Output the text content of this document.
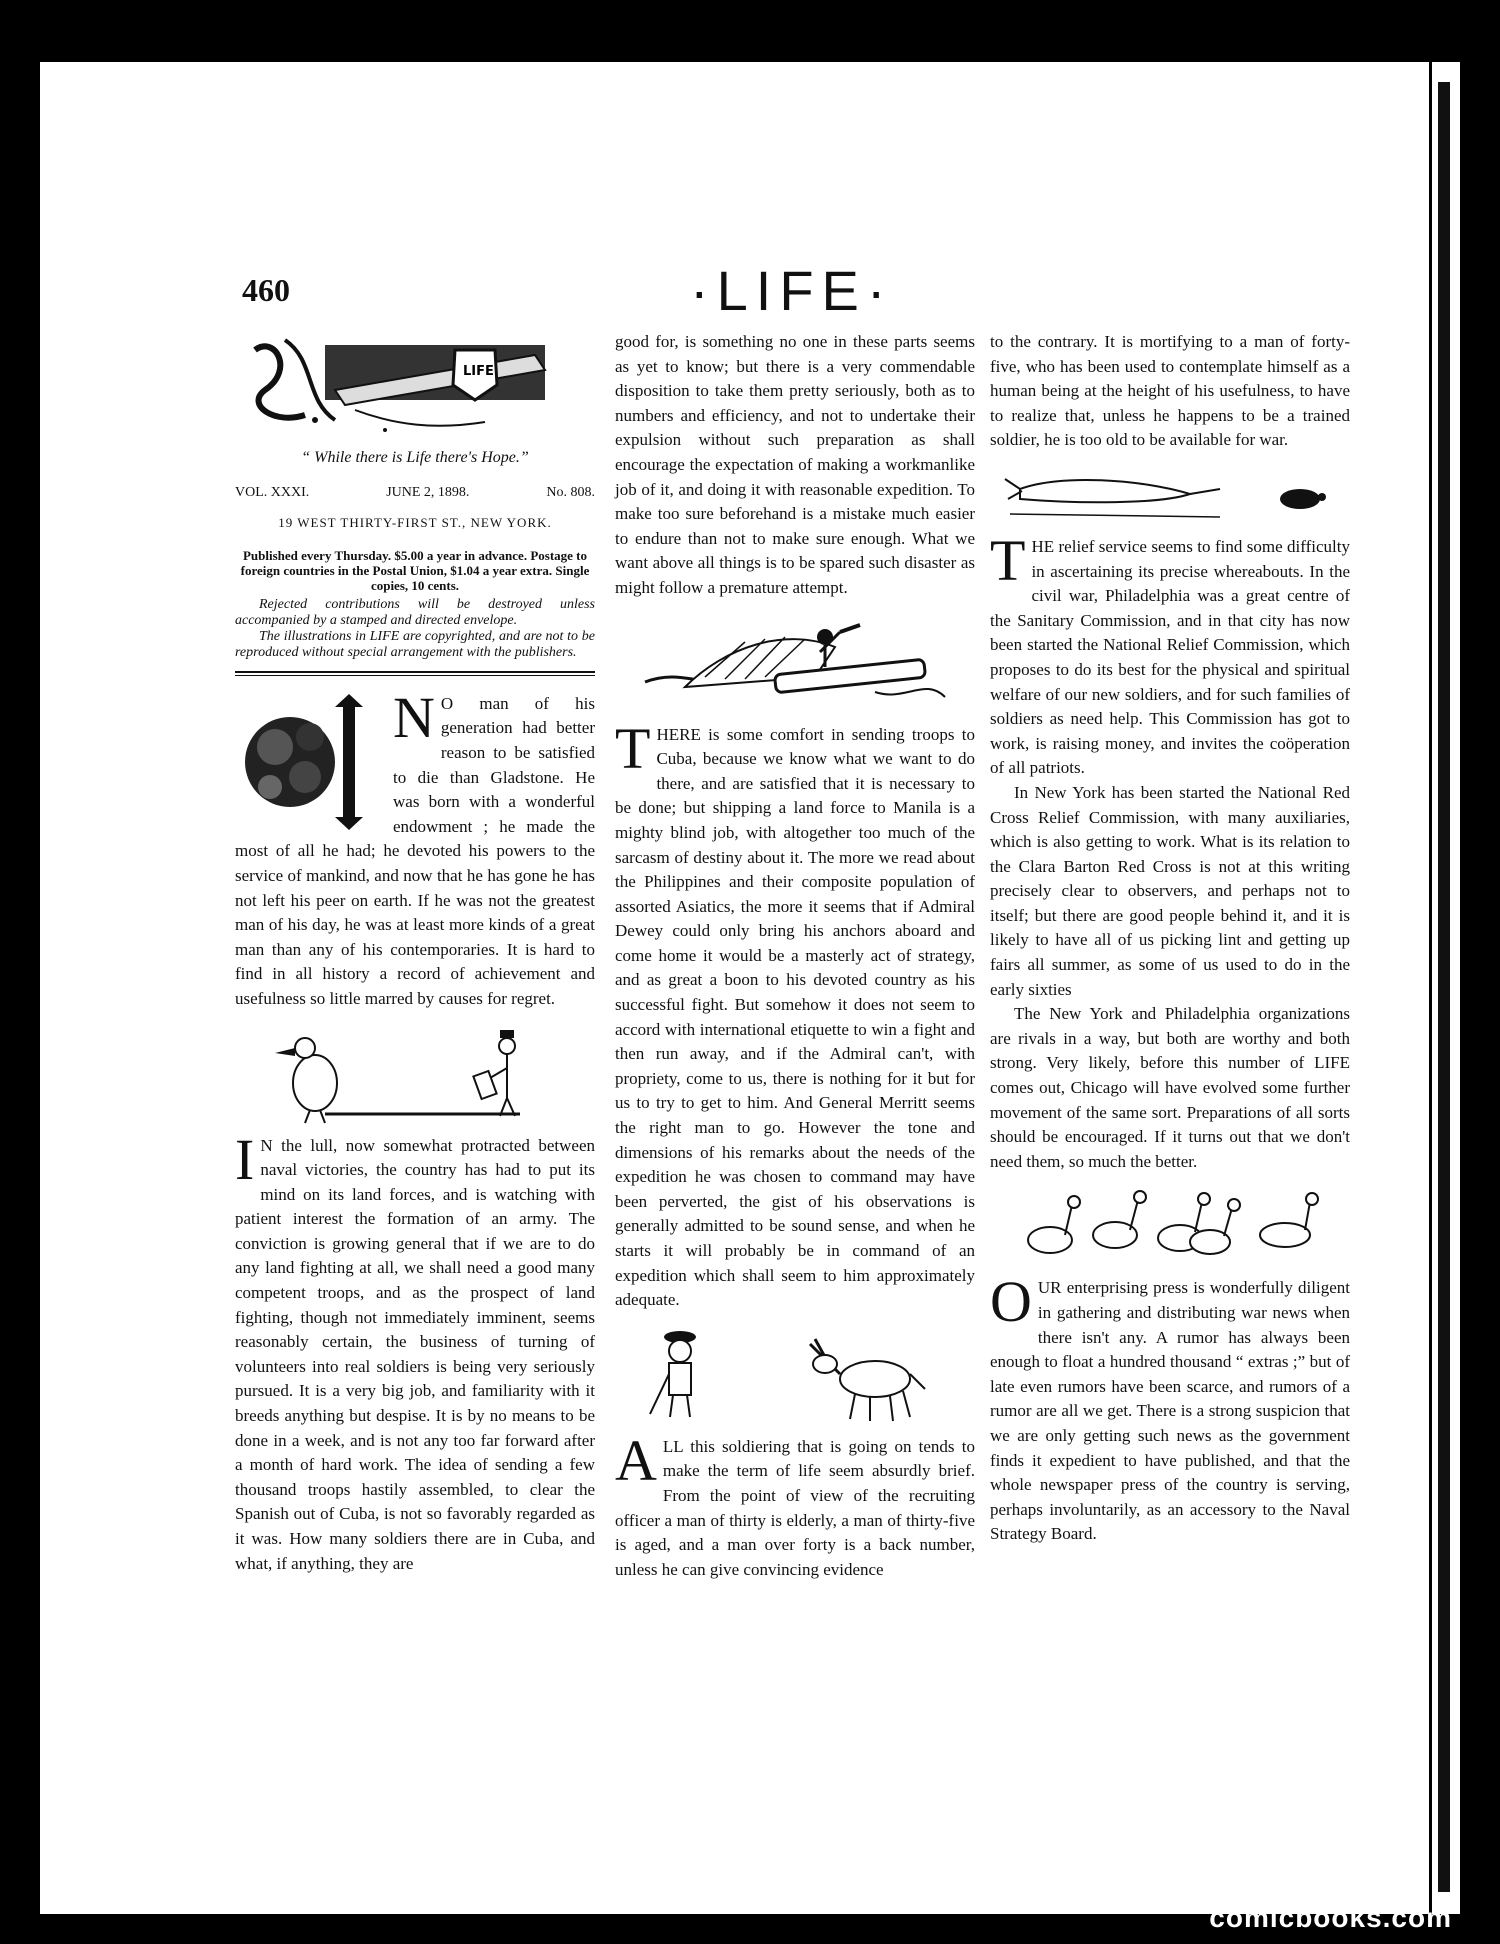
460	·LIFE·
LIFE
“ While there is Life there's Hope.”
VOL. XXXI.	JUNE 2, 1898.	No. 808.
19 WEST THIRTY-FIRST ST., NEW YORK.
Published every Thursday. $5.00 a year in advance. Postage to foreign countries in the Postal Union, $1.04 a year extra. Single copies, 10 cents.

Rejected contributions will be destroyed unless accompanied by a stamped and directed envelope.

The illustrations in LIFE are copyrighted, and are not to be reproduced without special arrangement with the publishers.

N O man of his generation had better reason to be satisfied to die than Gladstone. He was born with a wonderful endowment ; he made the most of all he had; he devoted his powers to the service of mankind, and now that he has gone he has not left his peer on earth. If he was not the greatest man of his day, he was at least more kinds of a great man than any of his contemporaries. It is hard to find in all history a record of achievement and usefulness so little marred by causes for regret.

I N the lull, now somewhat protracted between naval victories, the country has had to put its mind on its land forces, and is watching with patient interest the formation of an army. The conviction is growing general that if we are to do any land fighting at all, we shall need a good many competent troops, and as the prospect of land fighting, though not immediately imminent, seems reasonably certain, the business of turning of volunteers into real soldiers is being very seriously pursued. It is a very big job, and familiarity with it breeds anything but despise. It is by no means to be done in a week, and is not any too far forward after a month of hard work. The idea of sending a few thousand troops hastily assembled, to clear the Spanish out of Cuba, is not so favorably regarded as it was. How many soldiers there are in Cuba, and what, if anything, they are

good for, is something no one in these parts seems as yet to know; but there is a very commendable disposition to take them pretty seriously, both as to numbers and efficiency, and not to undertake their expulsion without such preparation as shall encourage the expectation of making a workmanlike job of it, and doing it with reasonable expedition. To make too sure beforehand is a mistake much easier to endure than not to make sure enough. What we want above all things is to be spared such disaster as might follow a premature attempt.

THERE is some comfort in sending troops to Cuba, because we know what we want to do there, and are satisfied that it is necessary to be done; but shipping a land force to Manila is a mighty blind job, with altogether too much of the sarcasm of destiny about it. The more we read about the Philippines and their composite population of assorted Asiatics, the more it seems that if Admiral Dewey could only bring his anchors aboard and come home it would be a masterly act of strategy, and as great a boon to his devoted country as his successful fight. But somehow it does not seem to accord with international etiquette to win a fight and then run away, and if the Admiral can't, with propriety, come to us, there is nothing for it but for us to try to get to him. And General Merritt seems the right man to go. However the tone and dimensions of his remarks about the needs of the expedition he was chosen to command may have been perverted, the gist of his observations is generally admitted to be sound sense, and when he starts it will probably be in command of an expedition which shall seem to him approximately adequate.

ALL this soldiering that is going on tends to make the term of life seem absurdly brief. From the point of view of the recruiting officer a man of thirty is elderly, a man of thirty-five is aged, and a man over forty is a back number, unless he can give convincing evidence

to the contrary. It is mortifying to a man of forty-five, who has been used to contemplate himself as a human being at the height of his usefulness, to have to realize that, unless he happens to be a trained soldier, he is too old to be available for war.

THE relief service seems to find some difficulty in ascertaining its precise whereabouts. In the civil war, Philadelphia was a great centre of the Sanitary Commission, and in that city has now been started the National Relief Commission, which proposes to do its best for the physical and spiritual welfare of our new soldiers, and for such families of soldiers as need help. This Commission has got to work, is raising money, and invites the coöperation of all patriots.

In New York has been started the National Red Cross Relief Commission, with many auxiliaries, which is also getting to work. What is its relation to the Clara Barton Red Cross is not at this writing precisely clear to observers, and perhaps not to itself; but there are good people behind it, and it is likely to have all of us picking lint and getting up fairs all summer, as some of us used to do in the early sixties

The New York and Philadelphia organizations are rivals in a way, but both are worthy and both strong. Very likely, before this number of LIFE comes out, Chicago will have evolved some further movement of the same sort. Preparations of all sorts should be encouraged. If it turns out that we don't need them, so much the better.

OUR enterprising press is wonderfully diligent in gathering and distributing war news when there isn't any. A rumor has always been enough to float a hundred thousand “ extras ;” but of late even rumors have been scarce, and rumors of a rumor are all we get. There is a strong suspicion that we are only getting such news as the government finds it expedient to have published, and that the whole newspaper press of the country is serving, perhaps involuntarily, as an accessory to the Naval Strategy Board.

comicbooks.com
